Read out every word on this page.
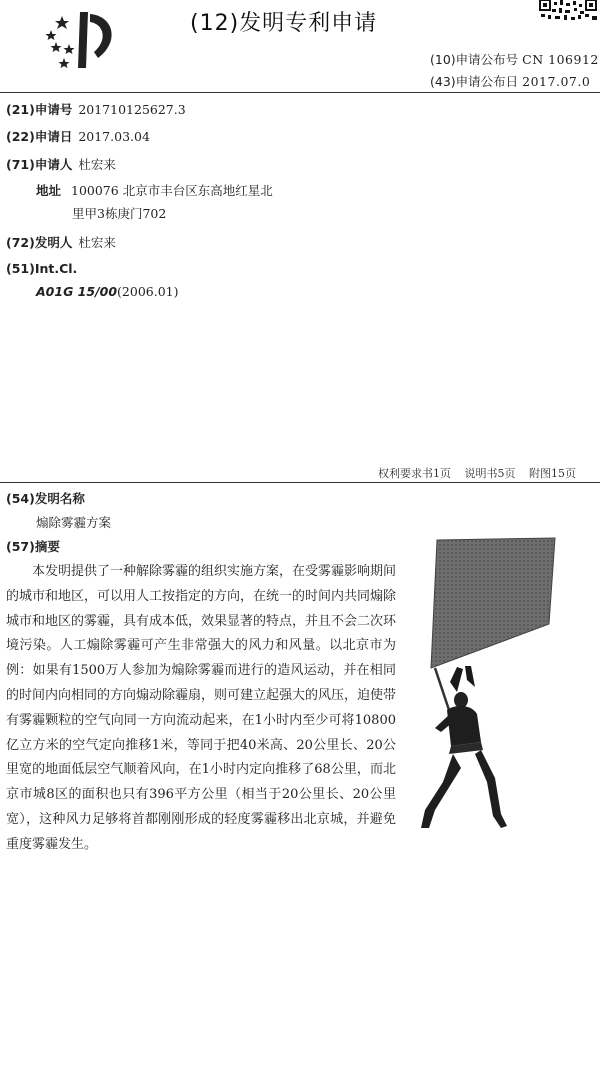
(12)发明专利申请
(10)申请公布号 CN 106912
(43)申请公布日 2017.07.0
(21)申请号 201710125627.3
(22)申请日 2017.03.04
(71)申请人 杜宏来
地址 100076 北京市丰台区东高地红星北
里甲3栋庚门702
(72)发明人 杜宏来
(51)Int.Cl.
A01G 15/00(2006.01)
权利要求书1页 说明书5页 附图15页
(54)发明名称
煽除雾霾方案
(57)摘要

本发明提供了一种解除雾霾的组织实施方案，在受雾霾影响期间的城市和地区，可以用人工按指定的方向，在统一的时间内共同煽除城市和地区的雾霾，具有成本低，效果显著的特点，并且不会二次环境污染。人工煽除雾霾可产生非常强大的风力和风量。以北京市为例：如果有1500万人参加为煽除雾霾而进行的造风运动，并在相同的时间内向相同的方向煽动除霾扇，则可建立起强大的风压，迫使带有雾霾颗粒的空气向同一方向流动起来，在1小时内至少可将10800亿立方米的空气定向推移1米，等同于把40米高、20公里长、20公里宽的地面低层空气顺着风向，在1小时内定向推移了68公里，而北京市城8区的面积也只有396平方公里（相当于20公里长、20公里宽），这种风力足够将首都刚刚形成的轻度雾霾移出北京城，并避免重度雾霾发生。
